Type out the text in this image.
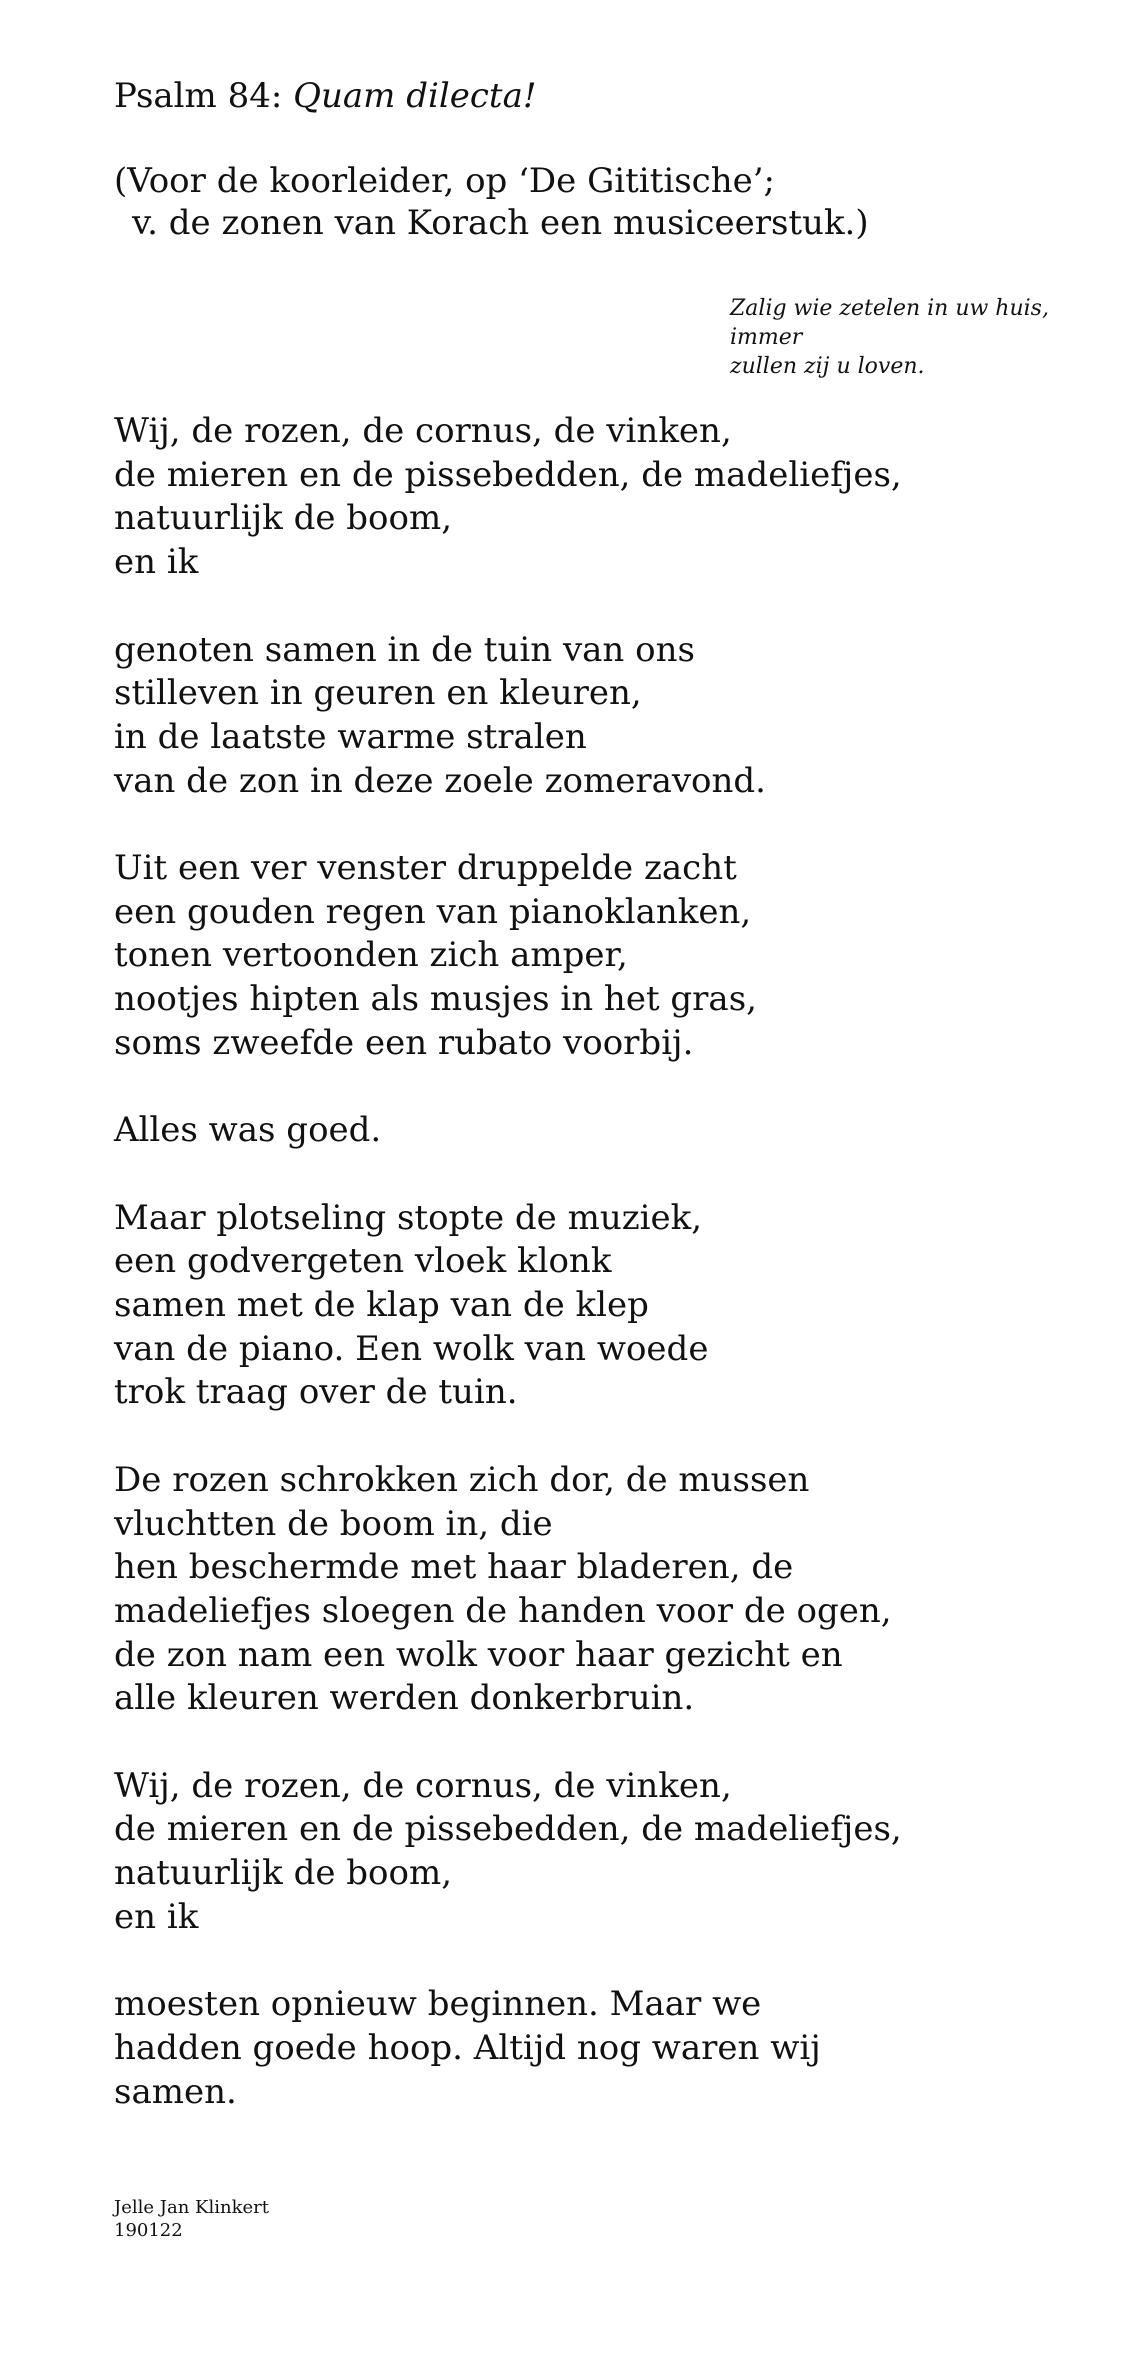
Psalm 84: Quam dilecta!
(Voor de koorleider, op ‘De Gititische’;
v. de zonen van Korach een musiceerstuk.)
Zalig wie zetelen in uw huis,
immer
zullen zij u loven.
Wij, de rozen, de cornus, de vinken,
de mieren en de pissebedden, de madeliefjes,
natuurlijk de boom,
en ik
genoten samen in de tuin van ons
stilleven in geuren en kleuren,
in de laatste warme stralen
van de zon in deze zoele zomeravond.
Uit een ver venster druppelde zacht
een gouden regen van pianoklanken,
tonen vertoonden zich amper,
nootjes hipten als musjes in het gras,
soms zweefde een rubato voorbij.
Alles was goed.
Maar plotseling stopte de muziek,
een godvergeten vloek klonk
samen met de klap van de klep
van de piano. Een wolk van woede
trok traag over de tuin.
De rozen schrokken zich dor, de mussen
vluchtten de boom in, die
hen beschermde met haar bladeren, de
madeliefjes sloegen de handen voor de ogen,
de zon nam een wolk voor haar gezicht en
alle kleuren werden donkerbruin.
Wij, de rozen, de cornus, de vinken,
de mieren en de pissebedden, de madeliefjes,
natuurlijk de boom,
en ik
moesten opnieuw beginnen. Maar we
hadden goede hoop. Altijd nog waren wij
samen.
Jelle Jan Klinkert
190122
